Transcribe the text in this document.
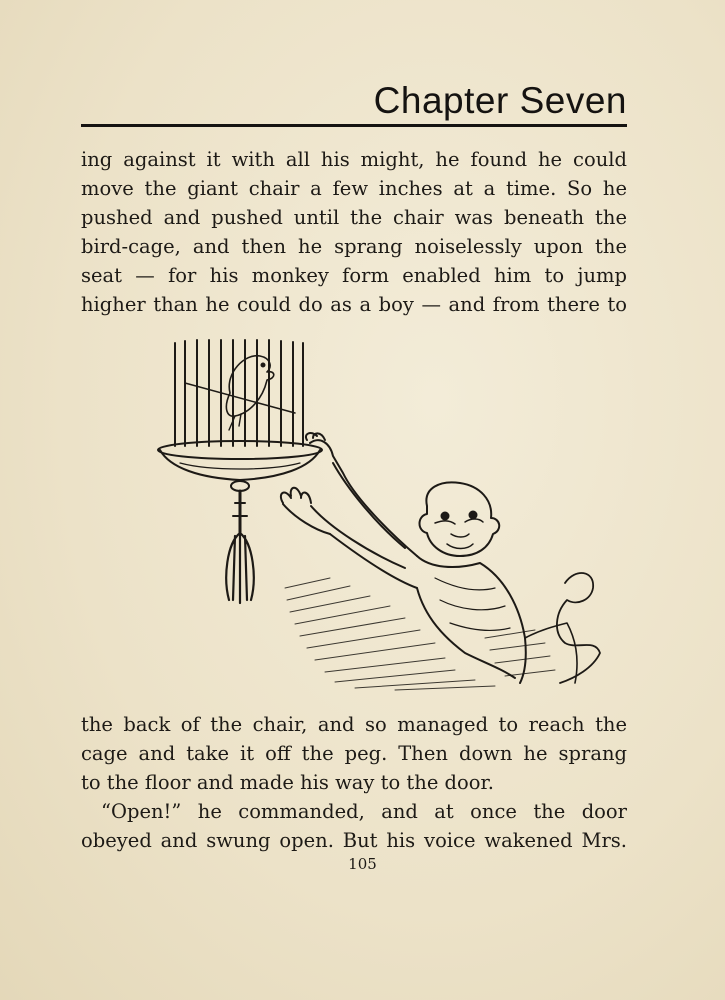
Chapter Seven
ing against it with all his might, he found he could
move the giant chair a few inches at a time. So he
pushed and pushed until the chair was beneath the
bird-cage, and then he sprang noiselessly upon the
seat — for his monkey form enabled him to jump
higher than he could do as a boy — and from there to
the back of the chair, and so managed to reach the
cage and take it off the peg. Then down he sprang
to the floor and made his way to the door.
“Open!” he commanded, and at once the door
obeyed and swung open. But his voice wakened Mrs.
105
